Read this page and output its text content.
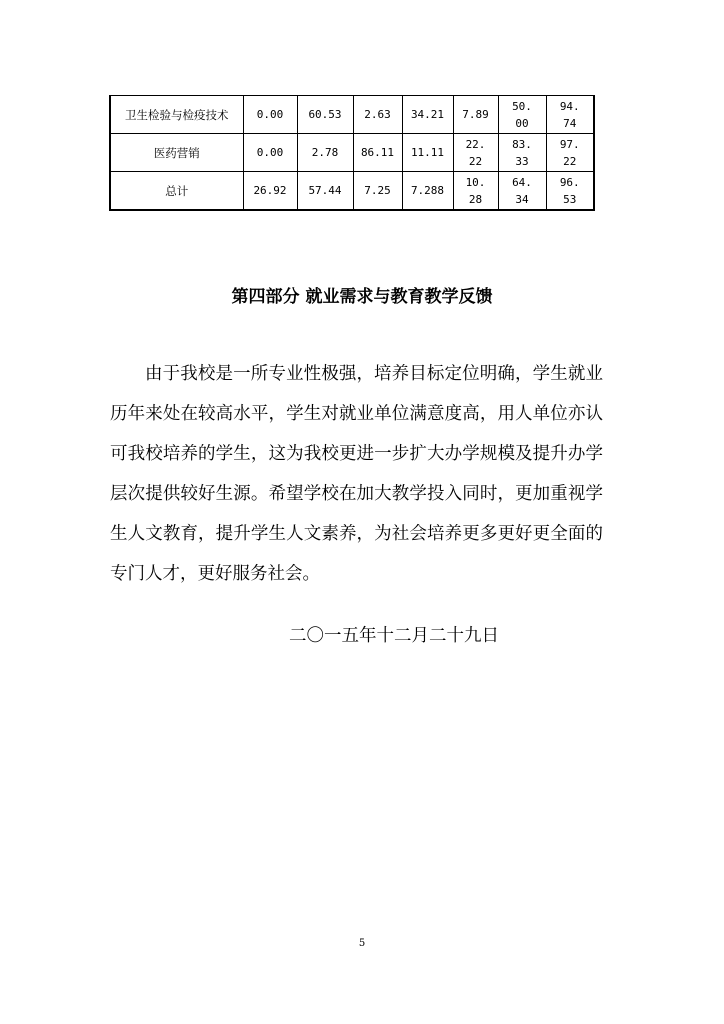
卫生检验与检疫技术	0.00	60.53	2.63	34.21	7.89	50.00	94.74

医药营销	0.00	2.78	86.11	11.11	22.22	83.33	97.22

总计	26.92	57.44	7.25	7.288	10.28	64.34	96.53
第四部分 就业需求与教育教学反馈

由于我校是一所专业性极强，培养目标定位明确，学生就业历年来处在较高水平，学生对就业单位满意度高，用人单位亦认可我校培养的学生，这为我校更进一步扩大办学规模及提升办学层次提供较好生源。希望学校在加大教学投入同时，更加重视学生人文教育，提升学生人文素养，为社会培养更多更好更全面的专门人才，更好服务社会。

二〇一五年十二月二十九日
5
